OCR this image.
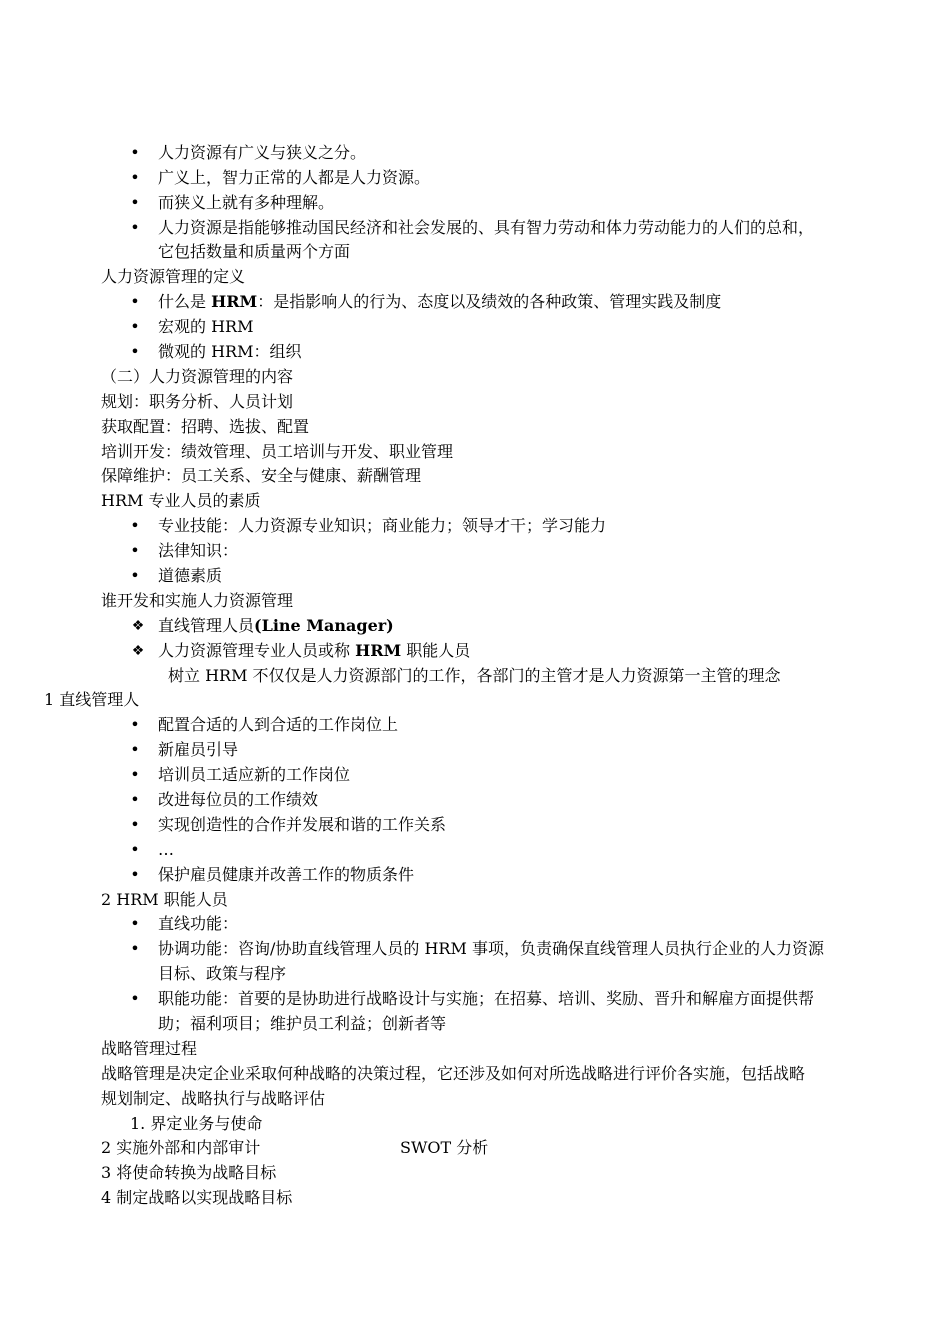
• 人力资源有广义与狭义之分。
• 广义上，智力正常的人都是人力资源。
• 而狭义上就有多种理解。
• 人力资源是指能够推动国民经济和社会发展的、具有智力劳动和体力劳动能力的人们的总和，
它包括数量和质量两个方面
人力资源管理的定义
• 什么是 HRM：是指影响人的行为、态度以及绩效的各种政策、管理实践及制度
• 宏观的 HRM
• 微观的 HRM：组织
（二）人力资源管理的内容
规划：职务分析、人员计划
获取配置：招聘、选拔、配置
培训开发：绩效管理、员工培训与开发、职业管理
保障维护：员工关系、安全与健康、薪酬管理
HRM 专业人员的素质
• 专业技能：人力资源专业知识；商业能力；领导才干；学习能力
• 法律知识：
• 道德素质
谁开发和实施人力资源管理
❖ 直线管理人员(Line Manager)
❖ 人力资源管理专业人员或称 HRM 职能人员
树立 HRM 不仅仅是人力资源部门的工作，各部门的主管才是人力资源第一主管的理念
1 直线管理人
• 配置合适的人到合适的工作岗位上
• 新雇员引导
• 培训员工适应新的工作岗位
• 改进每位员的工作绩效
• 实现创造性的合作并发展和谐的工作关系
• …
• 保护雇员健康并改善工作的物质条件
2 HRM 职能人员
• 直线功能：
• 协调功能：咨询/协助直线管理人员的 HRM 事项，负责确保直线管理人员执行企业的人力资源
目标、政策与程序
• 职能功能：首要的是协助进行战略设计与实施；在招募、培训、奖励、晋升和解雇方面提供帮
助；福利项目；维护员工利益；创新者等
战略管理过程
战略管理是决定企业采取何种战略的决策过程，它还涉及如何对所选战略进行评价各实施，包括战略
规划制定、战略执行与战略评估
1. 界定业务与使命
2 实施外部和内部审计	SWOT 分析
3 将使命转换为战略目标
4 制定战略以实现战略目标
